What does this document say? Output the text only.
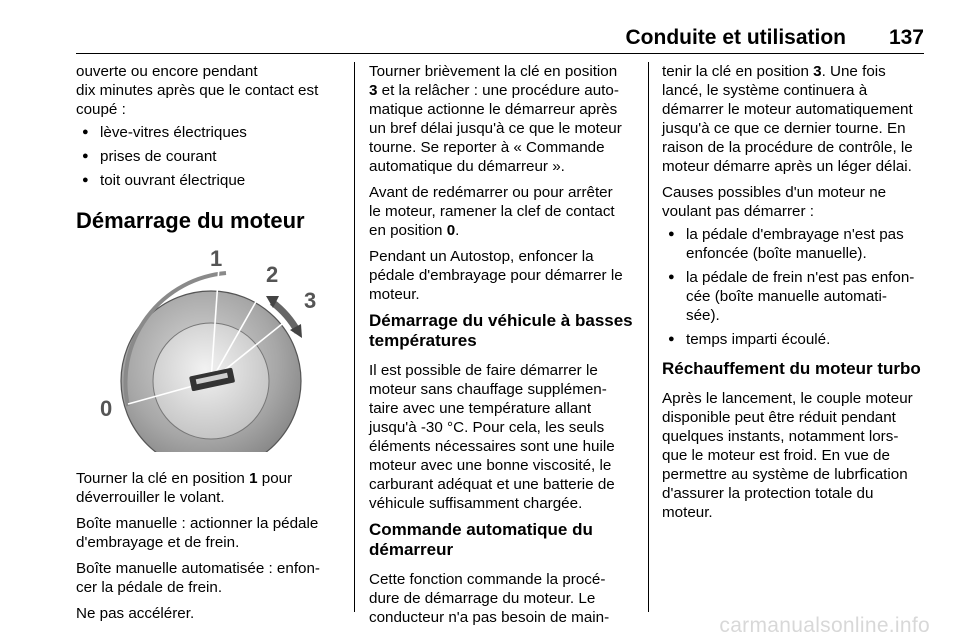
Conduite et utilisation 137

ouverte ou encore pendant
dix minutes après que le contact est
coupé :

● lève-vitres électriques
● prises de courant
● toit ouvrant électrique
Démarrage du moteur
1
2
3
0

Tourner la clé en position 1 pour
déverrouiller le volant.

Boîte manuelle : actionner la pédale
d'embrayage et de frein.

Boîte manuelle automatisée : enfon-
cer la pédale de frein.

Ne pas accélérer.

Tourner brièvement la clé en position
3 et la relâcher : une procédure auto-
matique actionne le démarreur après
un bref délai jusqu'à ce que le moteur
tourne. Se reporter à « Commande
automatique du démarreur ».

Avant de redémarrer ou pour arrêter
le moteur, ramener la clef de contact
en position 0.

Pendant un Autostop, enfoncer la
pédale d'embrayage pour démarrer le
moteur.

Démarrage du véhicule à basses
températures

Il est possible de faire démarrer le
moteur sans chauffage supplémen-
taire avec une température allant
jusqu'à -30 °C. Pour cela, les seuls
éléments nécessaires sont une huile
moteur avec une bonne viscosité, le
carburant adéquat et une batterie de
véhicule suffisamment chargée.

Commande automatique du
démarreur

Cette fonction commande la procé-
dure de démarrage du moteur. Le
conducteur n'a pas besoin de main-

tenir la clé en position 3. Une fois
lancé, le système continuera à
démarrer le moteur automatiquement
jusqu'à ce que ce dernier tourne. En
raison de la procédure de contrôle, le
moteur démarre après un léger délai.

Causes possibles d'un moteur ne
voulant pas démarrer :

● la pédale d'embrayage n'est pas
enfoncée (boîte manuelle).
● la pédale de frein n'est pas enfon-
cée (boîte manuelle automati-
sée).
● temps imparti écoulé.
Réchauffement du moteur turbo

Après le lancement, le couple moteur
disponible peut être réduit pendant
quelques instants, notamment lors-
que le moteur est froid. En vue de
permettre au système de lubrfication
d'assurer la protection totale du
moteur.

carmanualsonline.info
